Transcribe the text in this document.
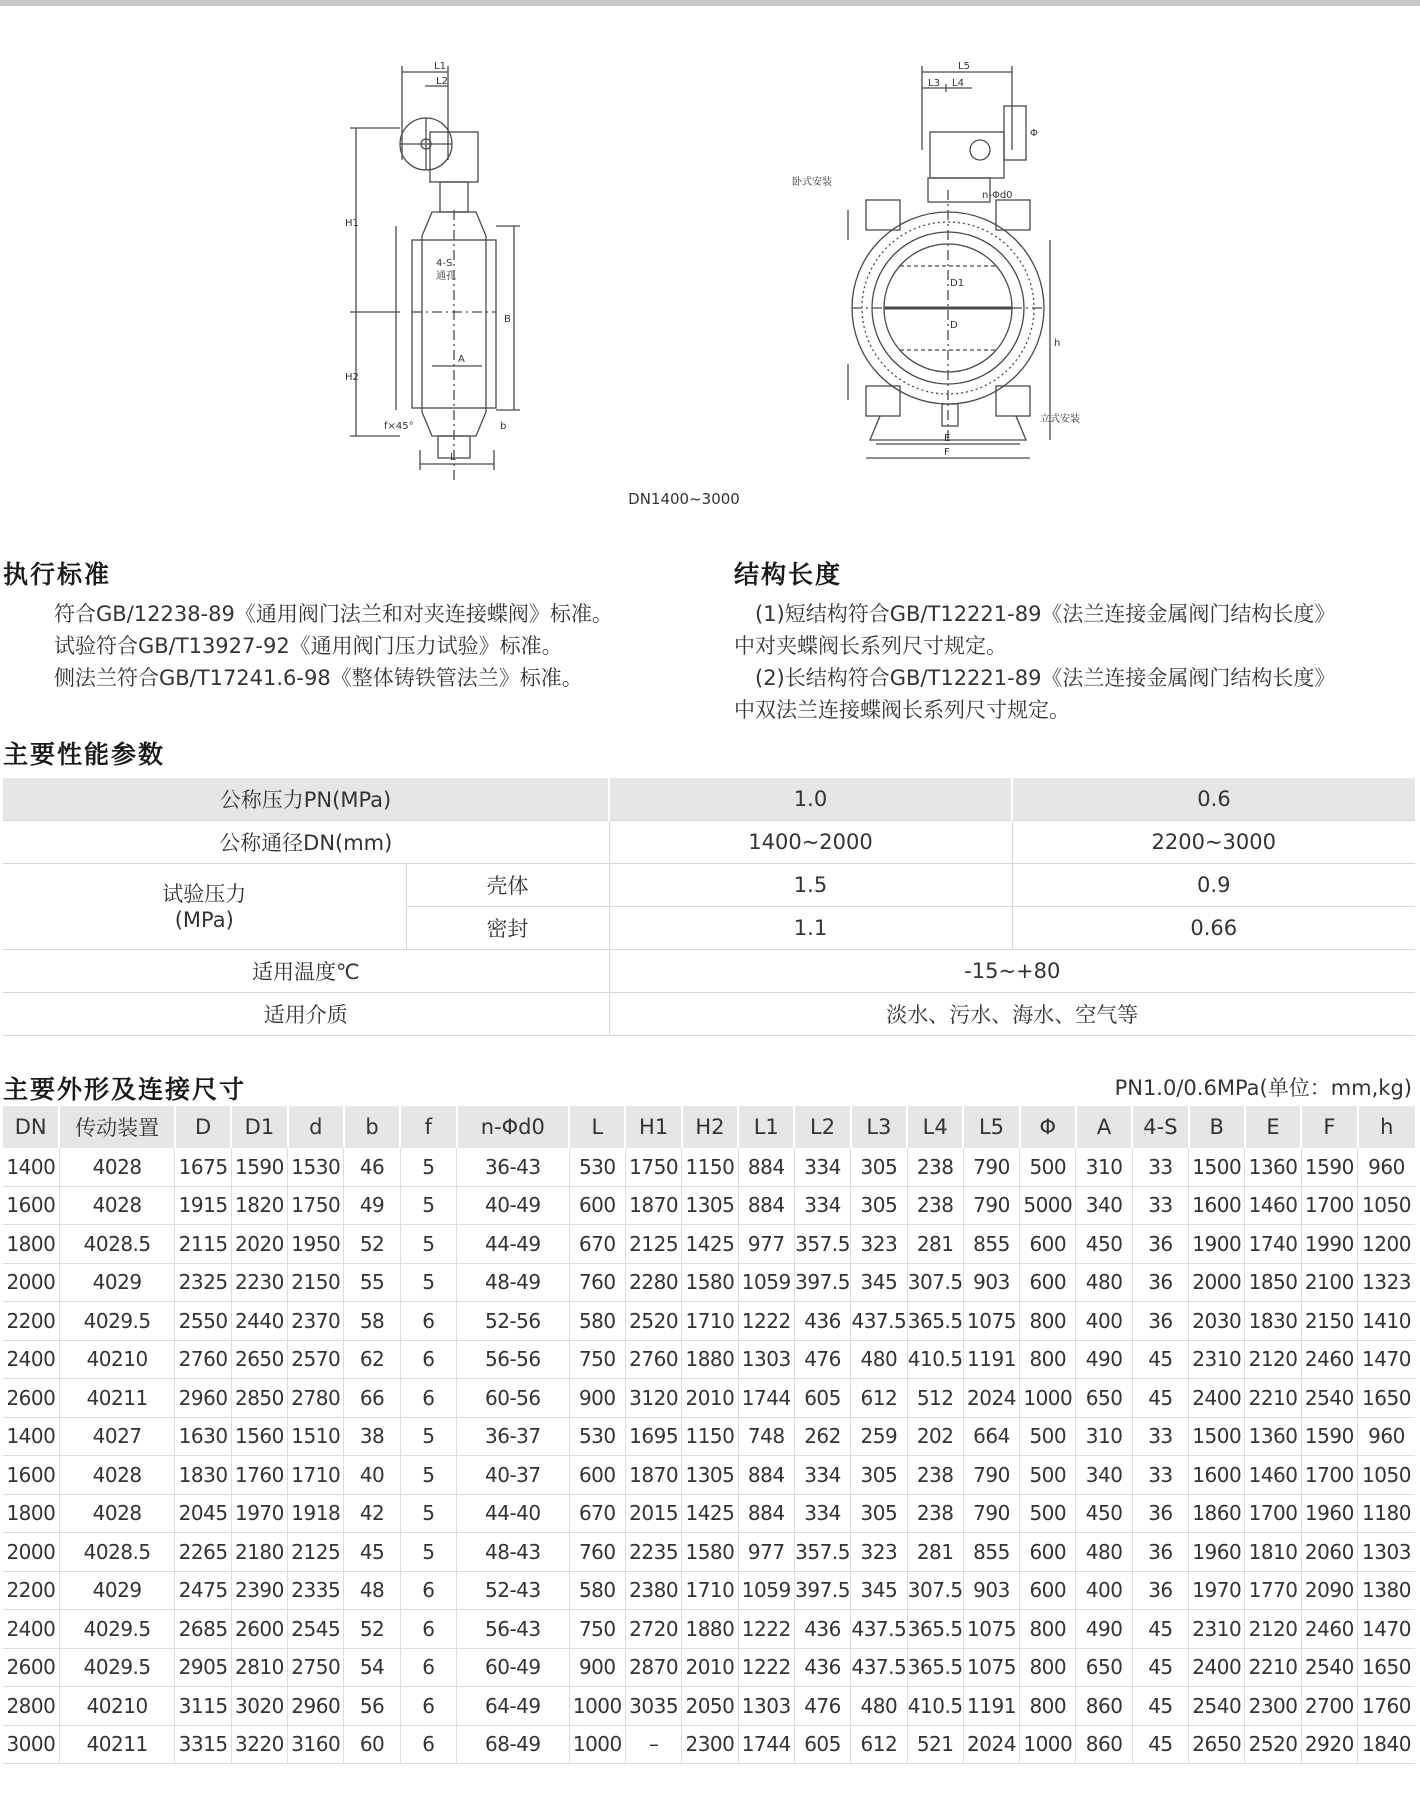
L1
L2
H1
H2
B
A
L
b
f×45°
4-S
通孔
L5
L3 L4
Φ
n-Φd0
D1
D
h
E
F
卧式安装
立式安装
DN1400~3000
执行标准
符合GB/12238-89《通用阀门法兰和对夹连接蝶阀》标准。
试验符合GB/T13927-92《通用阀门压力试验》标准。
侧法兰符合GB/T17241.6-98《整体铸铁管法兰》标准。
结构长度
　(1)短结构符合GB/T12221-89《法兰连接金属阀门结构长度》
中对夹蝶阀长系列尺寸规定。
　(2)长结构符合GB/T12221-89《法兰连接金属阀门结构长度》
中双法兰连接蝶阀长系列尺寸规定。
主要性能参数
公称压力PN(MPa)		1.0	0.6
公称通径DN(mm)		1400~2000	2200~3000

试验压力
(MPa)	壳体	1.5	0.9
	密封	1.1	0.66
适用温度℃		-15~+80	
适用介质		淡水、污水、海水、空气等	
主要外形及连接尺寸	PN1.0/0.6MPa(单位：mm,kg)
DN	传动装置	D	D1	d	b	f	n-Φd0	L	H1	H2	L1	L2	L3	L4	L5	Φ	A	4-S	B	E	F	h
1400	4028	1675	1590	1530	46	5	36-43	530	1750	1150	884	334	305	238	790	500	310	33	1500	1360	1590	960
1600	4028	1915	1820	1750	49	5	40-49	600	1870	1305	884	334	305	238	790	5000	340	33	1600	1460	1700	1050
1800	4028.5	2115	2020	1950	52	5	44-49	670	2125	1425	977	357.5	323	281	855	600	450	36	1900	1740	1990	1200
2000	4029	2325	2230	2150	55	5	48-49	760	2280	1580	1059	397.5	345	307.5	903	600	480	36	2000	1850	2100	1323
2200	4029.5	2550	2440	2370	58	6	52-56	580	2520	1710	1222	436	437.5	365.5	1075	800	400	36	2030	1830	2150	1410
2400	40210	2760	2650	2570	62	6	56-56	750	2760	1880	1303	476	480	410.5	1191	800	490	45	2310	2120	2460	1470
2600	40211	2960	2850	2780	66	6	60-56	900	3120	2010	1744	605	612	512	2024	1000	650	45	2400	2210	2540	1650
1400	4027	1630	1560	1510	38	5	36-37	530	1695	1150	748	262	259	202	664	500	310	33	1500	1360	1590	960
1600	4028	1830	1760	1710	40	5	40-37	600	1870	1305	884	334	305	238	790	500	340	33	1600	1460	1700	1050
1800	4028	2045	1970	1918	42	5	44-40	670	2015	1425	884	334	305	238	790	500	450	36	1860	1700	1960	1180
2000	4028.5	2265	2180	2125	45	5	48-43	760	2235	1580	977	357.5	323	281	855	600	480	36	1960	1810	2060	1303
2200	4029	2475	2390	2335	48	6	52-43	580	2380	1710	1059	397.5	345	307.5	903	600	400	36	1970	1770	2090	1380
2400	4029.5	2685	2600	2545	52	6	56-43	750	2720	1880	1222	436	437.5	365.5	1075	800	490	45	2310	2120	2460	1470
2600	4029.5	2905	2810	2750	54	6	60-49	900	2870	2010	1222	436	437.5	365.5	1075	800	650	45	2400	2210	2540	1650
2800	40210	3115	3020	2960	56	6	64-49	1000	3035	2050	1303	476	480	410.5	1191	800	860	45	2540	2300	2700	1760
3000	40211	3315	3220	3160	60	6	68-49	1000	–	2300	1744	605	612	521	2024	1000	860	45	2650	2520	2920	1840
